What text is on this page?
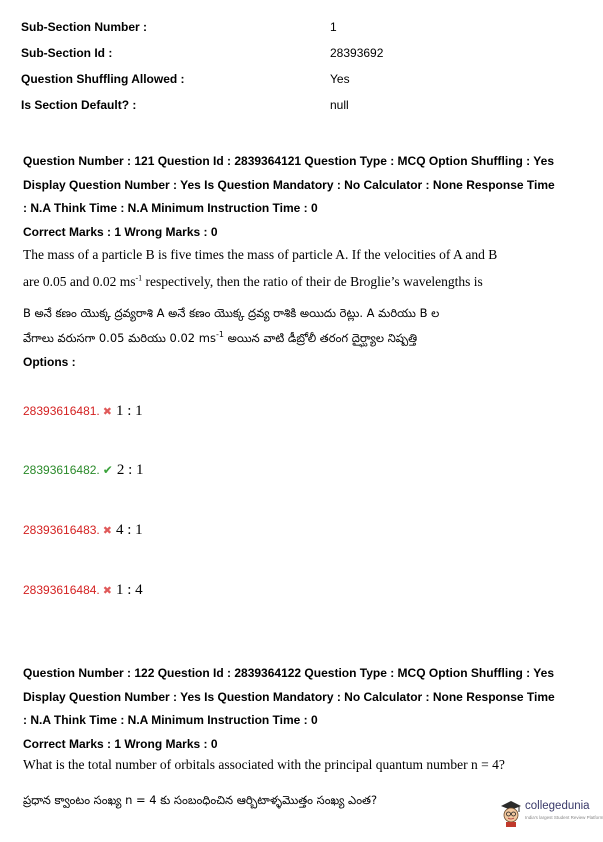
Sub-Section Number :	1
Sub-Section Id :	28393692
Question Shuffling Allowed :	Yes
Is Section Default? :	null

Question Number : 121 Question Id : 2839364121 Question Type : MCQ Option Shuffling : Yes

Display Question Number : Yes Is Question Mandatory : No Calculator : None Response Time

: N.A Think Time : N.A Minimum Instruction Time : 0

Correct Marks : 1 Wrong Marks : 0
The mass of a particle B is five times the mass of particle A. If the velocities of A and B
are 0.05 and 0.02 $ms^{-1}$ respectively, then the ratio of their de Broglie’s wavelengths is
B అనే కణం యొక్క ద్రవ్యరాశి A అనే కణం యొక్క ద్రవ్య రాశికి అయిదు రెట్లు. A మరియు B ల
వేగాలు వరుసగా 0.05 మరియు 0.02 $ms^{-1}$ అయిన వాటి డీబ్రోలీ తరంగ దైర్ఘ్యాల నిష్పత్తి
Options :
28393616481. ✖ 1 : 1
28393616482. ✔ 2 : 1
28393616483. ✖ 4 : 1
28393616484. ✖ 1 : 4

Question Number : 122 Question Id : 2839364122 Question Type : MCQ Option Shuffling : Yes

Display Question Number : Yes Is Question Mandatory : No Calculator : None Response Time

: N.A Think Time : N.A Minimum Instruction Time : 0

Correct Marks : 1 Wrong Marks : 0
What is the total number of orbitals associated with the principal quantum number n = 4?
ప్రధాన క్వాంటం సంఖ్య n = 4 కు సంబంధించిన ఆర్బిటాళ్ళమొత్తం సంఖ్య ఎంత?	collegedunia
India's largest Student Review Platform
